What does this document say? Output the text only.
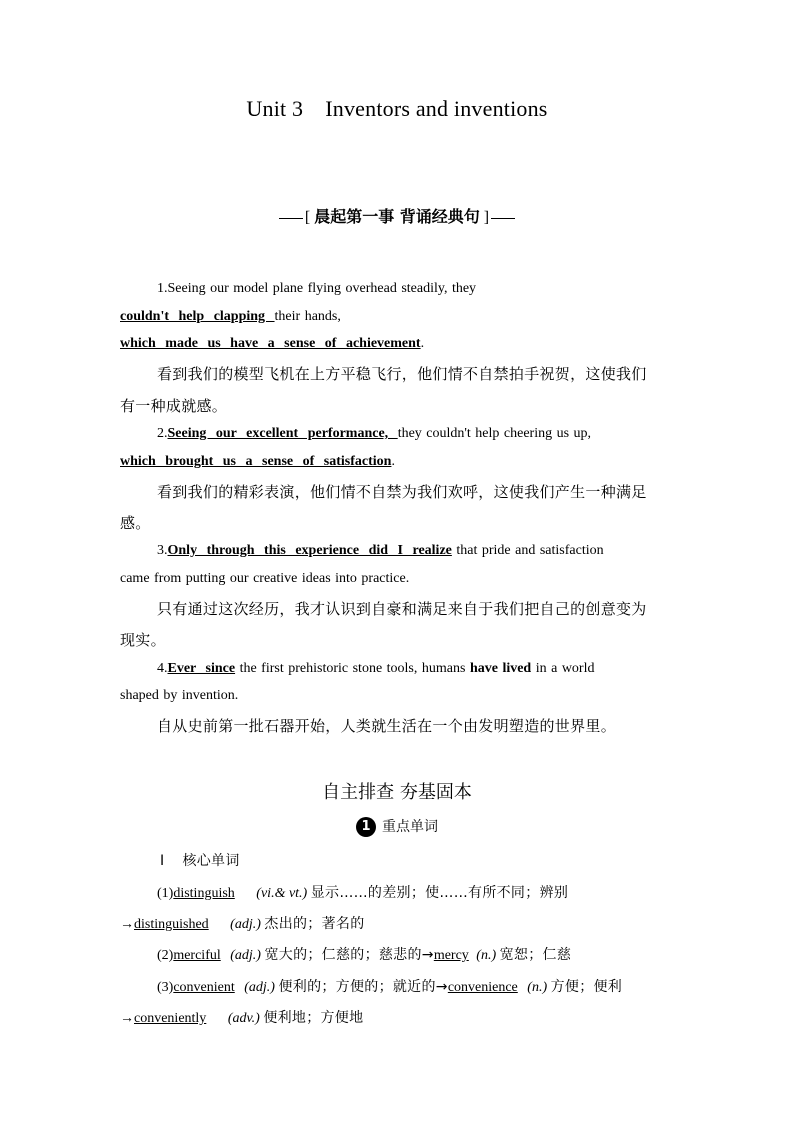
Unit 3 Inventors and inventions
[ 晨起第一事 背诵经典句 ]
1.Seeing our model plane flying overhead steadily, they
couldn't help clapping their hands,
which made us have a sense of achievement.
看到我们的模型飞机在上方平稳飞行，他们情不自禁拍手祝贺，这使我们
有一种成就感。
2.Seeing our excellent performance, they couldn't help cheering us up,
which brought us a sense of satisfaction.
看到我们的精彩表演，他们情不自禁为我们欢呼，这使我们产生一种满足
感。
3.Only through this experience did I realize that pride and satisfaction
came from putting our creative ideas into practice.
只有通过这次经历，我才认识到自豪和满足来自于我们把自己的创意变为
现实。
4.Ever since the first prehistoric stone tools, humans have lived in a world
shaped by invention.
自从史前第一批石器开始，人类就生活在一个由发明塑造的世界里。
自主排查 夯基固本
1 重点单词
Ⅰ 核心单词
(1)distinguish (vi.& vt.) 显示……的差别；使……有所不同；辨别
→distinguished (adj.) 杰出的；著名的
(2)merciful (adj.) 宽大的；仁慈的；慈悲的→mercy (n.) 宽恕；仁慈
(3)convenient (adj.) 便利的；方便的；就近的→convenience (n.) 方便；便利
→conveniently (adv.) 便利地；方便地
